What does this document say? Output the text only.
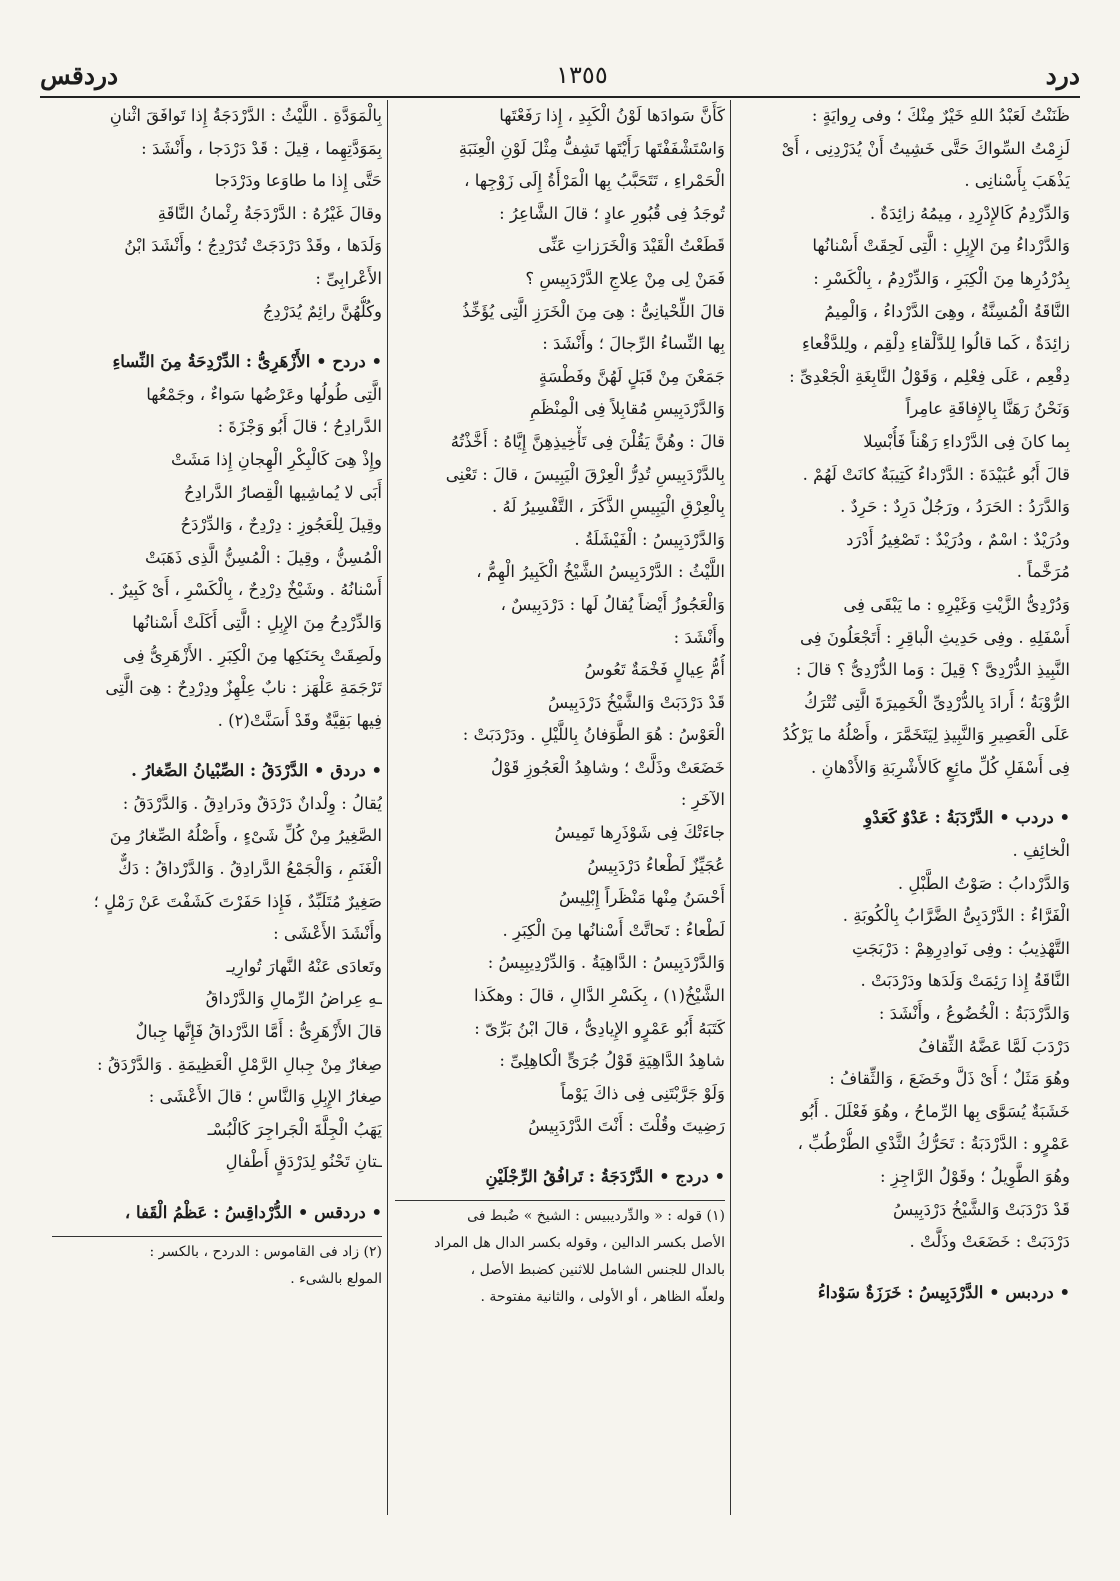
درد
١٣٥٥
دردقس
ظَنَنْتُ لَعَبْدُ اللهِ خَيْرٌ مِنْكَ ؛ وفى رِوايَةٍ :
لَزِمْتُ السِّواكَ حَتَّى خَشِيتُ أَنْ يُدَرْدِنِى ، أَىْ
يَذْهَبَ بِأَسْنانِى .
وَالدِّرْدِمُ كَالإِدْرِدِ ، مِيمُهُ زائِدَةٌ .
وَالدَّرْداءُ مِنَ الإِبِلِ : الَّتِى لَحِقَتْ أَسْنانُها
بِدُرْدُرِها مِنَ الْكِبَرِ ، وَالدِّرْدِمُ ، بِالْكَسْرِ :
النَّاقَةُ الْمُسِنَّةُ ، وهِىَ الدَّرْداءُ ، وَالْمِيمُ
زائِدَةٌ ، كَما قالُوا لِلدَّلْقاءِ دِلْقِم ، ولِلدَّقْعاءِ
دِقْعِم ، عَلَى فِعْلِم ، وَقَوْلُ النَّابِغَةِ الْجَعْدِىِّ :
وَنَحْنُ رَهَنَّا بِالإِفاقَةِ عامِراً
بِما كانَ فِى الدَّرْداءِ رَهْناً فَأُبْسِلا
قالَ أَبُو عُبَيْدَةَ : الدَّرْداءُ كَتِيبَةٌ كانَتْ لَهُمْ .
وَالدَّرَدُ : الحَرَدُ ، ورَجُلٌ دَرِدٌ : حَرِدٌ .
ودُرَيْدٌ : اسْمٌ ، ودُرَيْدٌ : تَصْغِيرُ أَدْرَد
مُرَخَّماً .
وَدُرْدِىُّ الزَّيْتِ وَغَيْرِهِ : ما يَبْقَى فِى
أَسْفَلِهِ . وفِى حَدِيثِ الْباقِرِ : أَتَجْعَلُونَ فِى
النَّبِيذِ الدُّرْدِىَّ ؟ قِيلَ : وَما الدُّرْدِىُّ ؟ قالَ :
الرُّوْبَةُ ؛ أَرادَ بِالدُّرْدِىِّ الْخَمِيرَةَ الَّتِى تُتْرَكُ
عَلَى الْعَصِيرِ وَالنَّبِيذِ لِيَتَخَمَّرَ ، وأَصْلُهُ ما يَرْكُدُ
فِى أَسْفَلِ كُلِّ مائِعٍ كَالأَشْرِبَةِ وَالأَدْهانِ .
• دردب • الدَّرْدَبَةُ : عَدْوٌ كَعَدْوِ
الْخائِفِ .
وَالدَّرْدابُ : صَوْتُ الطَّبْلِ .
الْفَرَّاءُ : الدَّرْدَبِىُّ الضَّرَّابُ بِالْكُوبَةِ .
التَّهْذِيبُ : وفِى نَوادِرِهِمْ : دَرْبَجَتِ
النَّاقَةُ إِذا رَئِمَتْ وَلَدَها ودَرْدَبَتْ .
وَالدَّرْدَبَةُ : الْخُضُوعُ ، وأَنْشَدَ :
دَرْدَبَ لَمَّا عَضَّهُ الثِّقافُ
وهُوَ مَثَلٌ ؛ أَىْ ذَلَّ وخَضَعَ ، وَالثِّقافُ :
خَشَبَةٌ يُسَوَّى بِها الرِّماحُ ، وهُوَ فَعْلَلَ . أَبُو
عَمْرٍو : الدَّرْدَبَةُ : تَحَرُّكُ الثَّدْىِ الطُّرْطُبِّ ،
وهُوَ الطَّوِيلُ ؛ وقَوْلُ الرَّاجِزِ :
قَدْ دَرْدَبَتْ وَالشَّيْخُ دَرْدَبِيسُ
دَرْدَبَتْ : خَضَعَتْ وذَلَّتْ .
• دردبس • الدَّرْدَبِيسُ : خَرَزَةٌ سَوْداءُ
كَأَنَّ سَوادَها لَوْنُ الْكَبِدِ ، إِذا رَفَعْتَها
وَاسْتَشْفَفْتَها رَأَيْتَها تَشِفُّ مِثْلَ لَوْنِ الْعِنَبَةِ
الْحَمْراءِ ، تَتَحَبَّبُ بِها الْمَرْأَةُ إِلَى زَوْجِها ،
تُوجَدُ فِى قُبُورِ عادٍ ؛ قالَ الشَّاعِرُ :
قَطَعْتُ الْقَيْدَ وَالْخَرَزاتِ عَنِّى
فَمَنْ لِى مِنْ عِلاجِ الدَّرْدَبِيسِ ؟
قالَ اللِّحْيانِىُّ : هِىَ مِنَ الْخَرَزِ الَّتِى يُؤَخِّذُ
بِها النِّساءُ الرِّجالَ ؛ وأَنْشَدَ :
جَمَعْنَ مِنْ قَبَلٍ لَهُنَّ وفَطْسَةٍ
وَالدَّرْدَبِيسِ مُقابِلاً فِى الْمِنْظَمِ
قالَ : وهُنَّ يَقُلْنَ فِى تَأْخِيذِهِنَّ إِيَّاهُ : أَخَّذْتُهُ
بِالدَّرْدَبِيسِ تُدِرُّ الْعِرْقَ الْيَبِيسَ ، قالَ : تَعْنِى
بِالْعِرْقِ الْيَبِيسِ الذَّكَرَ ، التَّفْسِيرُ لَهُ .
وَالدَّرْدَبِيسُ : الْفَيْشَلَةُ .
اللَّيْثُ : الدَّرْدَبِيسُ الشَّيْخُ الْكَبِيرُ الْهِمُّ ،
وَالْعَجُوزُ أَيْضاً يُقالُ لَها : دَرْدَبِيسٌ ،
وأَنْشَدَ :
أُمُّ عِيالٍ فَخْمَةٌ تَعُوسُ
قَدْ دَرْدَبَتْ وَالشَّيْخُ دَرْدَبِيسُ
الْعَوْسُ : هُوَ الطَّوَفانُ بِاللَّيْلِ . ودَرْدَبَتْ :
خَضَعَتْ وذَلَّتْ ؛ وشاهِدُ الْعَجُوزِ قَوْلُ
الآخَرِ :
جاءَتْكَ فِى شَوْذَرِها تَمِيسُ
عُجَيِّزٌ لَطْعاءُ دَرْدَبِيسُ
أَحْسَنُ مِنْها مَنْظَراً إِبْلِيسُ
لَطْعاءُ : تَحاتَّتْ أَسْنانُها مِنَ الْكِبَرِ .
وَالدَّرْدَبِيسُ : الدَّاهِيَةُ . وَالدِّرْدِيبِيسُ :
الشَّيْخُ(١) ، بِكَسْرِ الدَّالِ ، قالَ : وهكَذا
كَتَبَهُ أَبُو عَمْرٍو الإِيادِىُّ ، قالَ ابْنُ بَرِّىّ :
شاهِدُ الدَّاهِيَةِ قَوْلُ جُرَىٍّ الْكاهِلِىِّ :
وَلَوْ جَرَّبْتَنِى فِى ذاكَ يَوْماً
رَضِيتَ وقُلْتَ : أَنْتَ الدَّرْدَبِيسُ
• دردج • الدَّرْدَجَةُ : تَرافُقُ الرِّجْلَيْنِ
(١) قوله : « والدِّرديبيس : الشيخ » ضُبط فى
الأصل بكسر الدالين ، وقوله بكسر الدال هل المراد
بالدال للجنس الشامل للاثنين كضبط الأصل ،
ولعلّه الظاهر ، أو الأولى ، والثانية مفتوحة .
بِالْمَوَدَّةِ . اللَّيْثُ : الدَّرْدَجَةُ إِذا تَوافَقَ اثْنانِ
بِمَوَدَّتِهِما ، قِيلَ : قَدْ دَرْدَجا ، وأَنْشَدَ :
حَتَّى إِذا ما طاوَعا ودَرْدَجا
وقالَ غَيْرُهُ : الدَّرْدَجَةُ رِئْمانُ النَّاقَةِ
وَلَدَها ، وقَدْ دَرْدَجَتْ تُدَرْدِجُ ؛ وأَنْشَدَ ابْنُ
الأَعْرابِىِّ :
وكُلُّهُنَّ رائِمٌ يُدَرْدِجُ
• دردح • الأَزْهَرِىُّ : الدِّرْدِحَةُ مِنَ النِّساءِ
الَّتِى طُولُها وعَرْضُها سَواءٌ ، وجَمْعُها
الدَّرادِحُ ؛ قالَ أَبُو وَجْزَةَ :
وإِذْ هِىَ كَالْبِكْرِ الْهِجانِ إِذا مَشَتْ
أَبَى لا يُماشِيها الْقِصارُ الدَّرادِحُ
وقِيلَ لِلْعَجُوزِ : دِرْدِحٌ ، وَالدِّرْدَحُ
الْمُسِنُّ ، وقِيلَ : الْمُسِنُّ الَّذِى ذَهَبَتْ
أَسْنانُهُ . وشَيْخٌ دِرْدِحٌ ، بِالْكَسْرِ ، أَىْ كَبِيرٌ .
وَالدِّرْدِحُ مِنَ الإِبِلِ : الَّتِى أَكَلَتْ أَسْنانُها
ولَصِقَتْ بِحَنَكِها مِنَ الْكِبَرِ . الأَزْهَرِىُّ فِى
تَرْجَمَةِ عَلْهَز : نابٌ عِلْهِزٌ ودِرْدِحٌ : هِىَ الَّتِى
فِيها بَقِيَّةٌ وقَدْ أَسَنَّتْ(٢) .
• دردق • الدَّرْدَقُ : الصِّبْيانُ الصِّغارُ .
يُقالُ : وِلْدانٌ دَرْدَقٌ ودَرادِقُ . وَالدَّرْدَقُ :
الصَّغِيرُ مِنْ كُلِّ شَىْءٍ ، وأَصْلُهُ الصِّغارُ مِنَ
الْغَنَمِ ، وَالْجَمْعُ الدَّرادِقُ . وَالدَّرْداقُ : دَكٌّ
صَغِيرٌ مُتَلَبِّدٌ ، فَإِذا حَفَرْتَ كَشَفْتَ عَنْ رَمْلٍ ؛
وأَنْشَدَ الأَعْشَى :
وتَعادَى عَنْهُ النَّهارَ تُوارِيـ
ـهِ عِراضُ الرِّمالِ وَالدَّرْداقُ
قالَ الأَزْهَرِىُّ : أَمَّا الدَّرْداقُ فَإِنَّها جِبالٌ
صِغارٌ مِنْ جِبالِ الرَّمْلِ الْعَظِيمَةِ . وَالدَّرْدَقُ :
صِغارُ الإِبِلِ وَالنَّاسِ ؛ قالَ الأَعْشَى :
يَهَبُ الْجِلَّةَ الْجَراجِرَ كَالْبُسْـ
ـتانِ تَحْنُو لِدَرْدَقٍ أَطْفالِ
• دردقس • الدُّرْداقِسُ : عَظْمُ الْقَفا ،
(٢) زاد فى القاموس : الدردح ، بالكسر :
المولع بالشىء .
